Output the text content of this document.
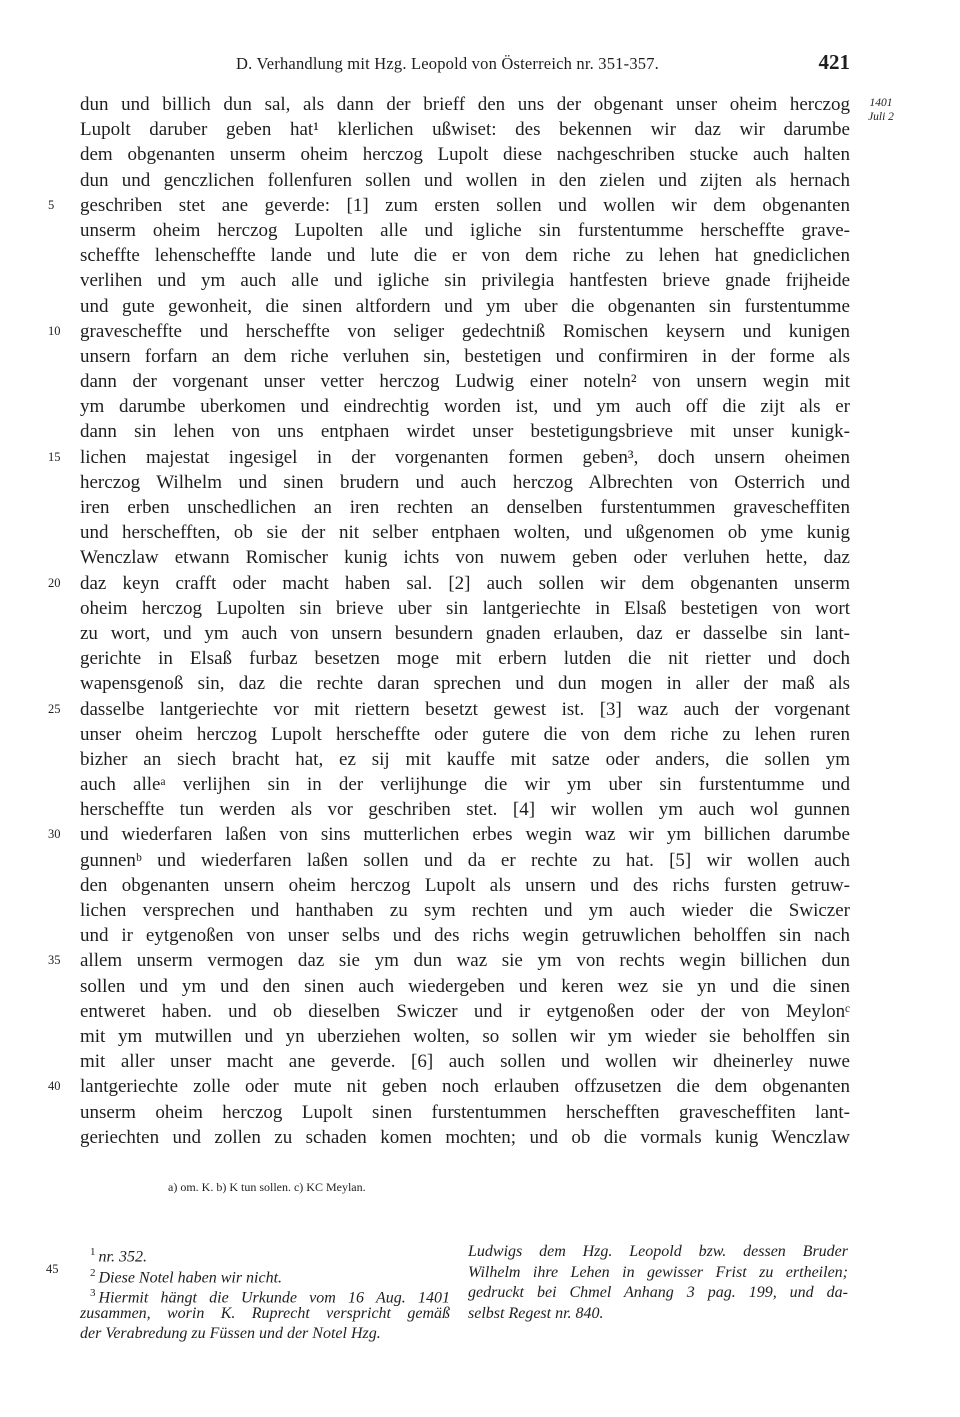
D. Verhandlung mit Hzg. Leopold von Österreich nr. 351-357.	421
1401
Juli 2
dun und billich dun sal, als dann der brieff den uns der obgenant unser oheim herczog
Lupolt daruber geben hat¹ klerlichen ußwiset: des bekennen wir daz wir darumbe
dem obgenanten unserm oheim herczog Lupolt diese nachgeschriben stucke auch halten
dun und genczlichen follenfuren sollen und wollen in den zielen und zijten als hernach
geschriben stet ane geverde: [1] zum ersten sollen und wollen wir dem obgenanten
5
unserm oheim herczog Lupolten alle und igliche sin furstentumme herscheffte grave-
scheffte lehenscheffte lande und lute die er von dem riche zu lehen hat gnediclichen
verlihen und ym auch alle und igliche sin privilegia hantfesten brieve gnade frijheide
und gute gewonheit, die sinen altfordern und ym uber die obgenanten sin furstentumme
gravescheffte und herscheffte von seliger gedechtniß Romischen keysern und kunigen
10
unsern forfarn an dem riche verluhen sin, bestetigen und confirmiren in der forme als
dann der vorgenant unser vetter herczog Ludwig einer noteln² von unsern wegin mit
ym darumbe uberkomen und eindrechtig worden ist, und ym auch off die zijt als er
dann sin lehen von uns entphaen wirdet unser bestetigungsbrieve mit unser kunigk-
lichen majestat ingesigel in der vorgenanten formen geben³, doch unsern oheimen
15
herczog Wilhelm und sinen brudern und auch herczog Albrechten von Osterrich und
iren erben unschedlichen an iren rechten an denselben furstentummen gravescheffiten
und herschefften, ob sie der nit selber entphaen wolten, und ußgenomen ob yme kunig
Wenczlaw etwann Romischer kunig ichts von nuwem geben oder verluhen hette, daz
daz keyn crafft oder macht haben sal. [2] auch sollen wir dem obgenanten unserm
20
oheim herczog Lupolten sin brieve uber sin lantgeriechte in Elsaß bestetigen von wort
zu wort, und ym auch von unsern besundern gnaden erlauben, daz er dasselbe sin lant-
gerichte in Elsaß furbaz besetzen moge mit erbern lutden die nit rietter und doch
wapensgenoß sin, daz die rechte daran sprechen und dun mogen in aller der maß als
dasselbe lantgeriechte vor mit riettern besetzt gewest ist. [3] waz auch der vorgenant
25
unser oheim herczog Lupolt herscheffte oder gutere die von dem riche zu lehen ruren
bizher an siech bracht hat, ez sij mit kauffe mit satze oder anders, die sollen ym
auch alleᵃ verlijhen sin in der verlijhunge die wir ym uber sin furstentumme und
herscheffte tun werden als vor geschriben stet. [4] wir wollen ym auch wol gunnen
und wiederfaren laßen von sins mutterlichen erbes wegin waz wir ym billichen darumbe
30
gunnenᵇ und wiederfaren laßen sollen und da er rechte zu hat. [5] wir wollen auch
den obgenanten unsern oheim herczog Lupolt als unsern und des richs fursten getruw-
lichen versprechen und hanthaben zu sym rechten und ym auch wieder die Swiczer
und ir eytgenoßen von unser selbs und des richs wegin getruwlichen beholffen sin nach
allem unserm vermogen daz sie ym dun waz sie ym von rechts wegin billichen dun
35
sollen und ym und den sinen auch wiedergeben und keren wez sie yn und die sinen
entweret haben. und ob dieselben Swiczer und ir eytgenoßen oder der von Meylonᶜ
mit ym mutwillen und yn uberziehen wolten, so sollen wir ym wieder sie beholffen sin
mit aller unser macht ane geverde. [6] auch sollen und wollen wir dheinerley nuwe
lantgeriechte zolle oder mute nit geben noch erlauben offzusetzen die dem obgenanten
40
unserm oheim herczog Lupolt sinen furstentummen herschefften gravescheffiten lant-
geriechten und zollen zu schaden komen mochten; und ob die vormals kunig Wenczlaw
a) om. K. b) K tun sollen. c) KC Meylan.
45
$^1$ nr. 352.
$^2$ Diese Notel haben wir nicht.
$^3$ Hiermit hängt die Urkunde vom 16 Aug. 1401
zusammen, worin K. Ruprecht verspricht gemäß
der Verabredung zu Füssen und der Notel Hzg.
Ludwigs dem Hzg. Leopold bzw. dessen Bruder
Wilhelm ihre Lehen in gewisser Frist zu ertheilen;
gedruckt bei Chmel Anhang 3 pag. 199, und da-
selbst Regest nr. 840.
